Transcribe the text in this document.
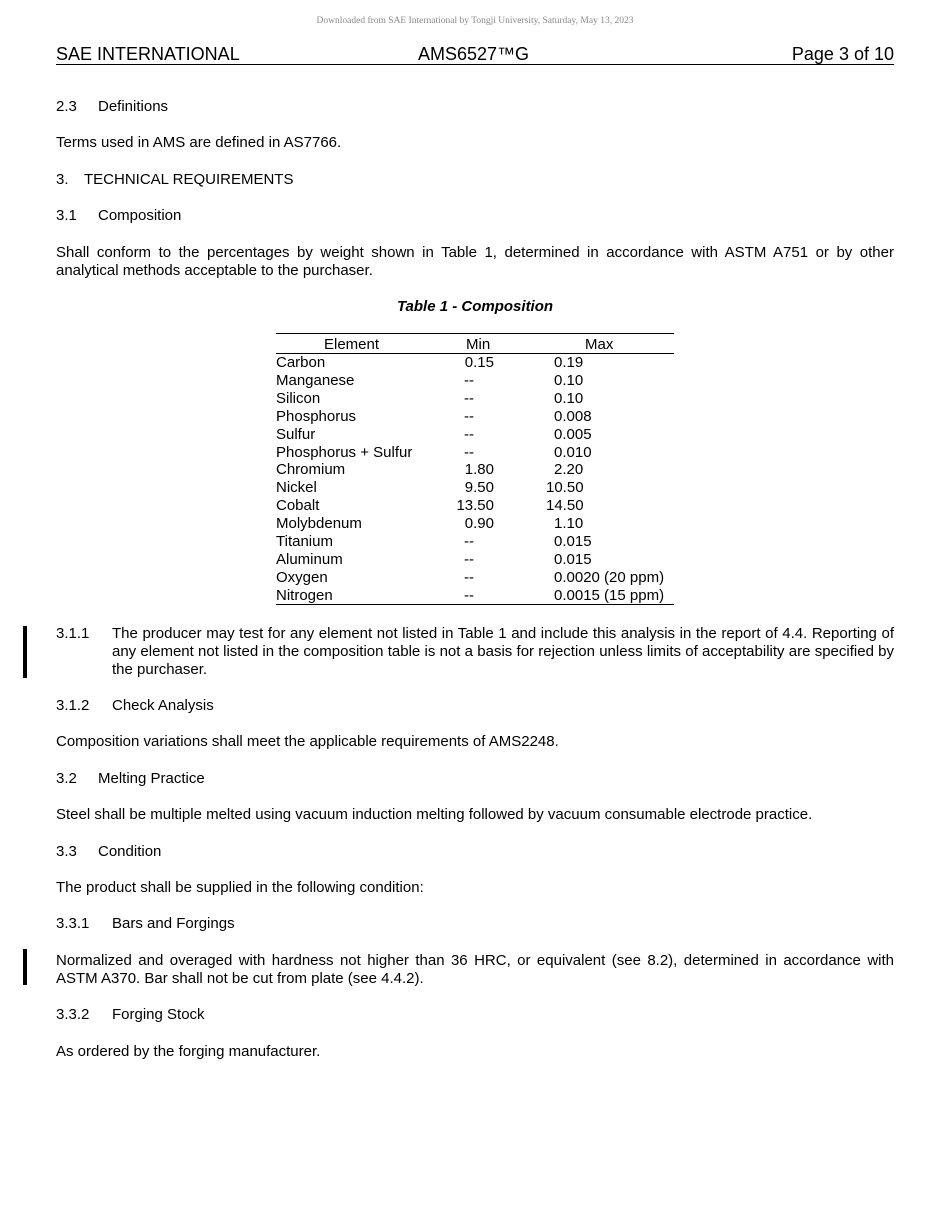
Downloaded from SAE International by Tongji University, Saturday, May 13, 2023
SAE INTERNATIONAL	AMS6527™G	Page 3 of 10
2.3 Definitions
Terms used in AMS are defined in AS7766.
3. TECHNICAL REQUIREMENTS
3.1 Composition
Shall conform to the percentages by weight shown in Table 1, determined in accordance with ASTM A751 or by other
analytical methods acceptable to the purchaser.
Table 1 - Composition
Element	Min	Max
Carbon	0.15	0.19
Manganese	--	0.10
Silicon	--	0.10
Phosphorus	--	0.008
Sulfur	--	0.005
Phosphorus + Sulfur	--	0.010
Chromium	1.80	2.20
Nickel	9.50	10.50
Cobalt	13.50	14.50
Molybdenum	0.90	1.10
Titanium	--	0.015
Aluminum	--	0.015
Oxygen	--	0.0020 (20 ppm)
Nitrogen	--	0.0015 (15 ppm)
3.1.1 The producer may test for any element not listed in Table 1 and include this analysis in the report of 4.4. Reporting of any element not listed in the composition table is not a basis for rejection unless limits of acceptability are specified by the purchaser.
3.1.2 Check Analysis
Composition variations shall meet the applicable requirements of AMS2248.
3.2 Melting Practice
Steel shall be multiple melted using vacuum induction melting followed by vacuum consumable electrode practice.
3.3 Condition
The product shall be supplied in the following condition:
3.3.1 Bars and Forgings
Normalized and overaged with hardness not higher than 36 HRC, or equivalent (see 8.2), determined in accordance with
ASTM A370. Bar shall not be cut from plate (see 4.4.2).
3.3.2 Forging Stock
As ordered by the forging manufacturer.
